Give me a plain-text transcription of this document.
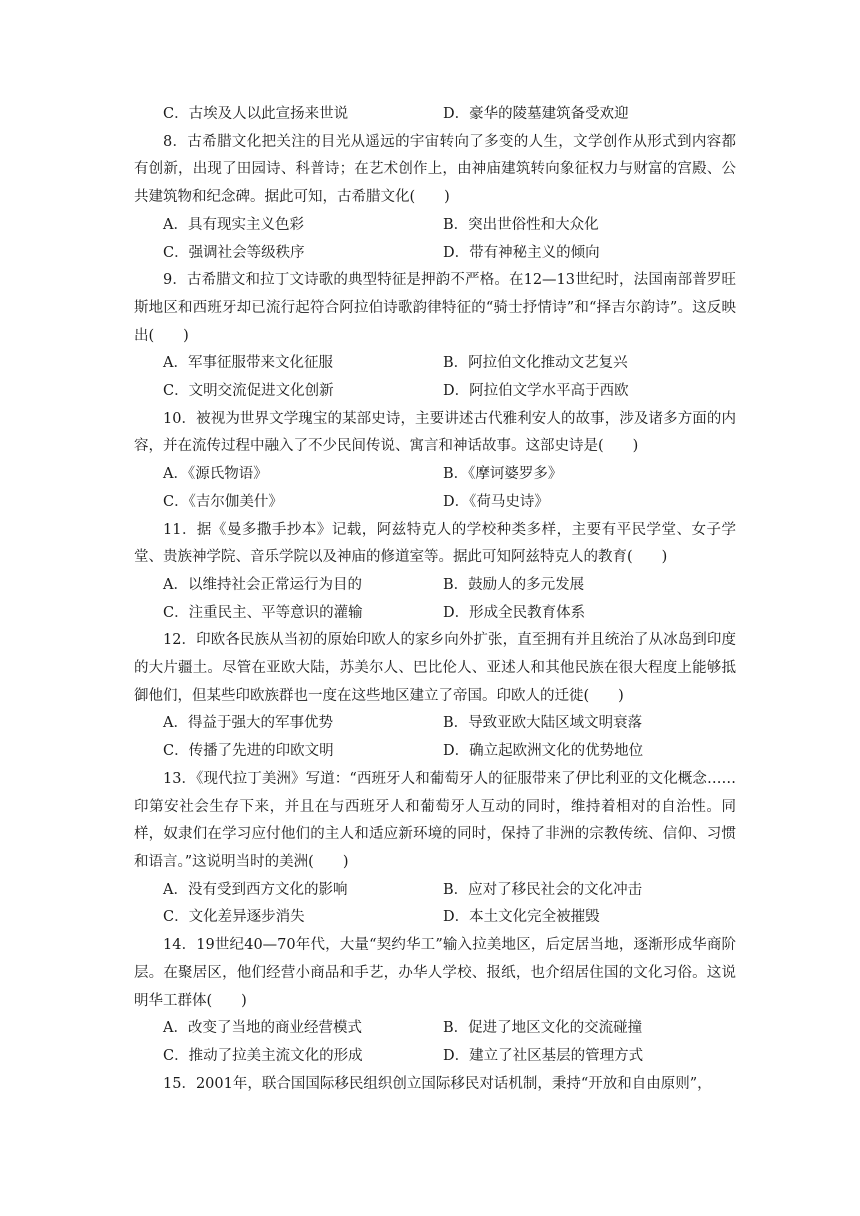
C．古埃及人以此宣扬来世说	D．豪华的陵墓建筑备受欢迎

8．古希腊文化把关注的目光从遥远的宇宙转向了多变的人生，文学创作从形式到内容都有创新，出现了田园诗、科普诗；在艺术创作上，由神庙建筑转向象征权力与财富的宫殿、公共建筑物和纪念碑。据此可知，古希腊文化(　　)

A．具有现实主义色彩	B．突出世俗性和大众化
C．强调社会等级秩序	D．带有神秘主义的倾向

9．古希腊文和拉丁文诗歌的典型特征是押韵不严格。在12—13世纪时，法国南部普罗旺斯地区和西班牙却已流行起符合阿拉伯诗歌韵律特征的“骑士抒情诗”和“择吉尔韵诗”。这反映出(　　)

A．军事征服带来文化征服	B．阿拉伯文化推动文艺复兴
C．文明交流促进文化创新	D．阿拉伯文学水平高于西欧

10．被视为世界文学瑰宝的某部史诗，主要讲述古代雅利安人的故事，涉及诸多方面的内容，并在流传过程中融入了不少民间传说、寓言和神话故事。这部史诗是(　　)

A．《源氏物语》	B．《摩诃婆罗多》
C．《吉尔伽美什》	D．《荷马史诗》

11．据《曼多撒手抄本》记载，阿兹特克人的学校种类多样，主要有平民学堂、女子学堂、贵族神学院、音乐学院以及神庙的修道室等。据此可知阿兹特克人的教育(　　)

A．以维持社会正常运行为目的	B．鼓励人的多元发展
C．注重民主、平等意识的灌输	D．形成全民教育体系

12．印欧各民族从当初的原始印欧人的家乡向外扩张，直至拥有并且统治了从冰岛到印度的大片疆土。尽管在亚欧大陆，苏美尔人、巴比伦人、亚述人和其他民族在很大程度上能够抵御他们，但某些印欧族群也一度在这些地区建立了帝国。印欧人的迁徙(　　)

A．得益于强大的军事优势	B．导致亚欧大陆区域文明衰落
C．传播了先进的印欧文明	D．确立起欧洲文化的优势地位

13．《现代拉丁美洲》写道：“西班牙人和葡萄牙人的征服带来了伊比利亚的文化概念……印第安社会生存下来，并且在与西班牙人和葡萄牙人互动的同时，维持着相对的自治性。同样，奴隶们在学习应付他们的主人和适应新环境的同时，保持了非洲的宗教传统、信仰、习惯和语言。”这说明当时的美洲(　　)

A．没有受到西方文化的影响	B．应对了移民社会的文化冲击
C．文化差异逐步消失	D．本土文化完全被摧毁

14．19世纪40—70年代，大量“契约华工”输入拉美地区，后定居当地，逐渐形成华商阶层。在聚居区，他们经营小商品和手艺，办华人学校、报纸，也介绍居住国的文化习俗。这说明华工群体(　　)

A．改变了当地的商业经营模式	B．促进了地区文化的交流碰撞
C．推动了拉美主流文化的形成	D．建立了社区基层的管理方式

15．2001年，联合国国际移民组织创立国际移民对话机制，秉持“开放和自由原则”，
